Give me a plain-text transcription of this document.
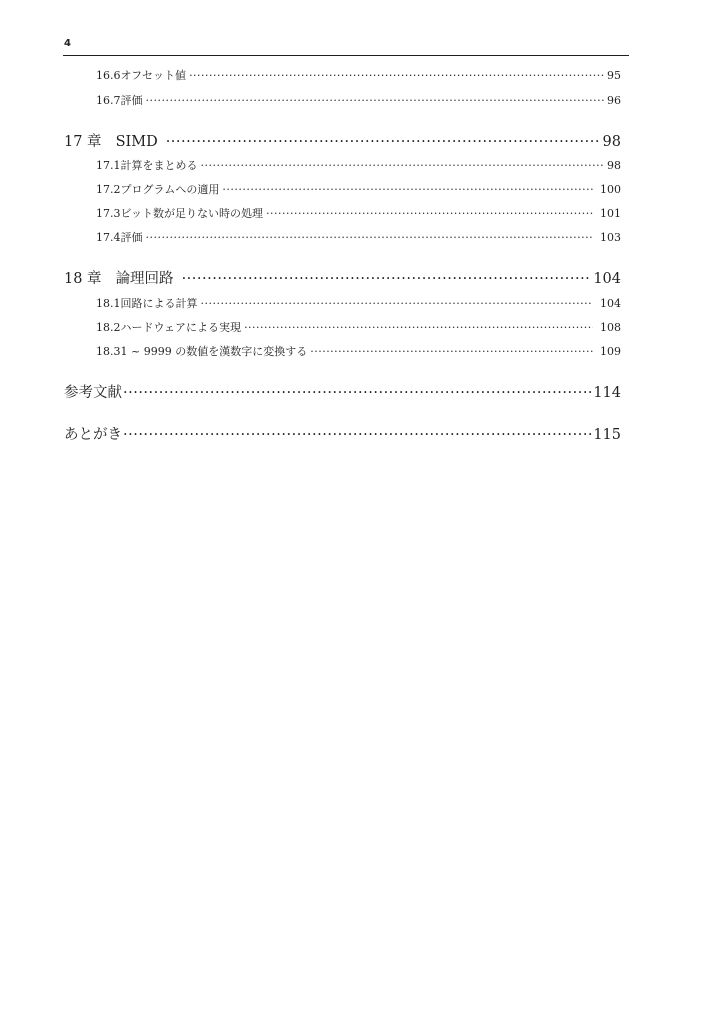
4
16.6 オフセット値 ·····	95
16.7 評価 ·····	96
17 章 SIMD ·····	98
17.1 計算をまとめる ·····	98
17.2 プログラムへの適用 ·····	100
17.3 ビット数が足りない時の処理 ·····	101
17.4 評価 ·····	103
18 章 論理回路 ·····	104
18.1 回路による計算 ·····	104
18.2 ハードウェアによる実現 ·····	108
18.3 1 ~ 9999 の数値を漢数字に変換する ·····	109
参考文献 ·····	114
あとがき ·····	115
